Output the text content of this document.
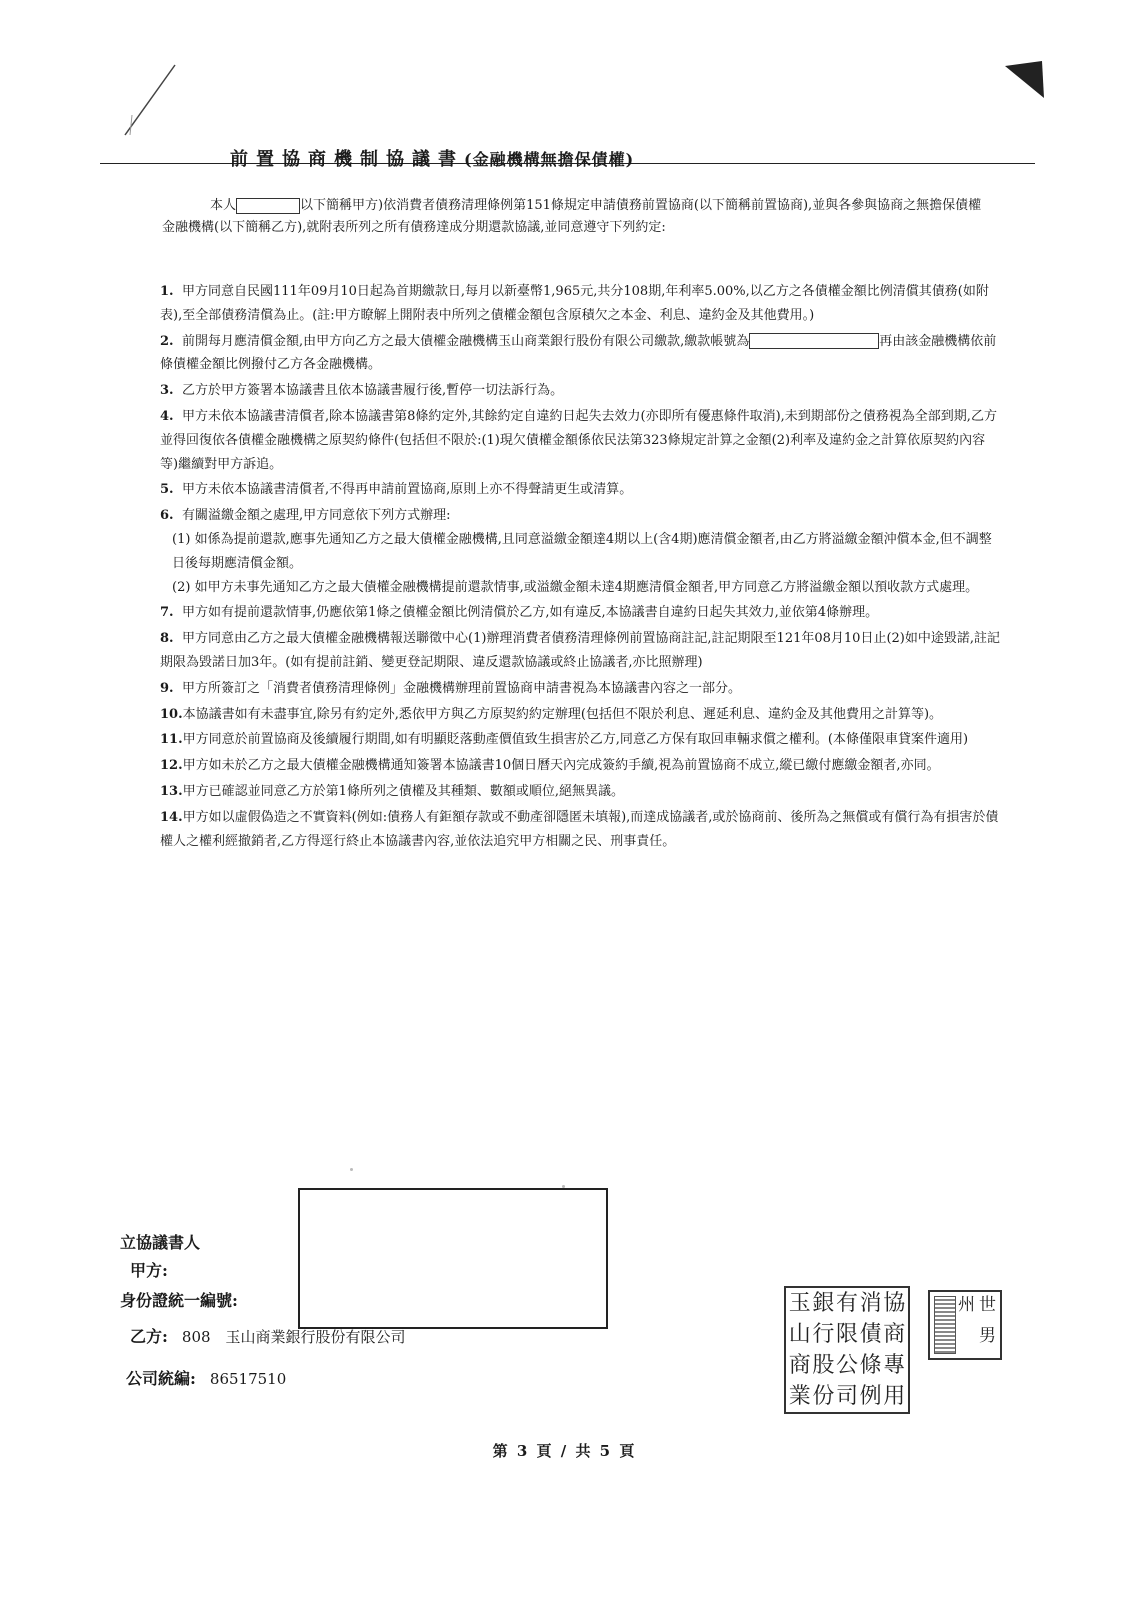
前置協商機制協議書(金融機構無擔保債權)
本人	以下簡稱甲方)依消費者債務清理條例第151條規定申請債務前置協商(以下簡稱前置協商),並與各參與協商之無擔保債權金融機構(以下簡稱乙方),就附表所列之所有債務達成分期還款協議,並同意遵守下列約定:
1. 甲方同意自民國111年09月10日起為首期繳款日,每月以新臺幣1,965元,共分108期,年利率5.00%,以乙方之各債權金額比例清償其債務(如附表),至全部債務清償為止。(註:甲方瞭解上開附表中所列之債權金額包含原積欠之本金、利息、違約金及其他費用。)
2. 前開每月應清償金額,由甲方向乙方之最大債權金融機構玉山商業銀行股份有限公司繳款,繳款帳號為	再由該金融機構依前條債權金額比例撥付乙方各金融機構。
3. 乙方於甲方簽署本協議書且依本協議書履行後,暫停一切法訴行為。
4. 甲方未依本協議書清償者,除本協議書第8條約定外,其餘約定自違約日起失去效力(亦即所有優惠條件取消),未到期部份之債務視為全部到期,乙方並得回復依各債權金融機構之原契約條件(包括但不限於:(1)現欠債權金額係依民法第323條規定計算之金額(2)利率及違約金之計算依原契約內容等)繼續對甲方訴追。
5. 甲方未依本協議書清償者,不得再申請前置協商,原則上亦不得聲請更生或清算。
6. 有關溢繳金額之處理,甲方同意依下列方式辦理:
(1) 如係為提前還款,應事先通知乙方之最大債權金融機構,且同意溢繳金額達4期以上(含4期)應清償金額者,由乙方將溢繳金額沖償本金,但不調整日後每期應清償金額。
(2) 如甲方未事先通知乙方之最大債權金融機構提前還款情事,或溢繳金額未達4期應清償金額者,甲方同意乙方將溢繳金額以預收款方式處理。
7. 甲方如有提前還款情事,仍應依第1條之債權金額比例清償於乙方,如有違反,本協議書自違約日起失其效力,並依第4條辦理。
8. 甲方同意由乙方之最大債權金融機構報送聯徵中心(1)辦理消費者債務清理條例前置協商註記,註記期限至121年08月10日止(2)如中途毀諾,註記期限為毀諾日加3年。(如有提前註銷、變更登記期限、違反還款協議或終止協議者,亦比照辦理)
9. 甲方所簽訂之「消費者債務清理條例」金融機構辦理前置協商申請書視為本協議書內容之一部分。
10.本協議書如有未盡事宜,除另有約定外,悉依甲方與乙方原契約約定辦理(包括但不限於利息、遲延利息、違約金及其他費用之計算等)。
11.甲方同意於前置協商及後續履行期間,如有明顯貶落動產價值致生損害於乙方,同意乙方保有取回車輛求償之權利。(本條僅限車貸案件適用)
12.甲方如未於乙方之最大債權金融機構通知簽署本協議書10個日曆天內完成簽約手續,視為前置協商不成立,縱已繳付應繳金額者,亦同。
13.甲方已確認並同意乙方於第1條所列之債權及其種類、數額或順位,絕無異議。
14.甲方如以虛假偽造之不實資料(例如:債務人有鉅額存款或不動產卻隱匿未填報),而達成協議者,或於協商前、後所為之無償或有償行為有損害於債權人之權利經撤銷者,乙方得逕行終止本協議書內容,並依法追究甲方相關之民、刑事責任。
立協議書人
甲方:
身份證統一編號:
乙方: 808　玉山商業銀行股份有限公司
公司統編: 86517510
協
商
專
用
消
債
條
例
有
限
公
司
銀
行
股
份
玉
山
商
業
世
男
州
第 3 頁 / 共 5 頁
